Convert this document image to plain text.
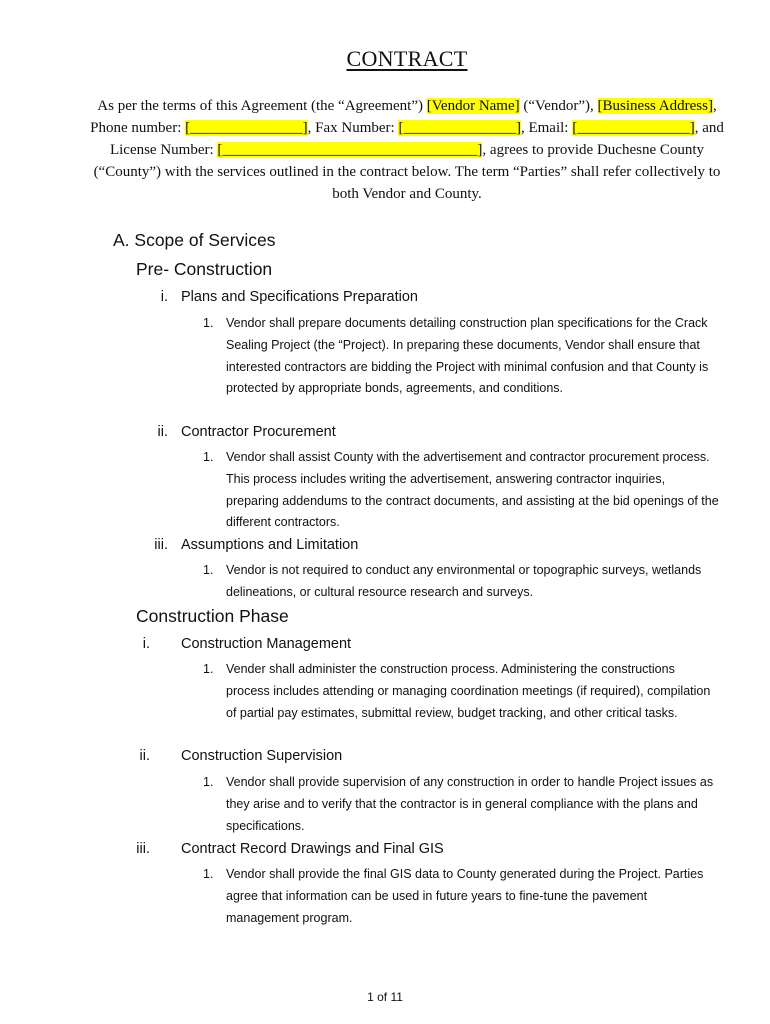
CONTRACT
As per the terms of this Agreement (the “Agreement”) [Vendor Name] (“Vendor”), [Business Address], Phone number: [_______________], Fax Number: [_______________], Email: [_______________], and License Number: [__________________________________], agrees to provide Duchesne County (“County”) with the services outlined in the contract below. The term “Parties” shall refer collectively to both Vendor and County.
A. Scope of Services
Pre- Construction
i. Plans and Specifications Preparation
1. Vendor shall prepare documents detailing construction plan specifications for the Crack Sealing Project (the “Project). In preparing these documents, Vendor shall ensure that interested contractors are bidding the Project with minimal confusion and that County is protected by appropriate bonds, agreements, and conditions.
ii. Contractor Procurement
1. Vendor shall assist County with the advertisement and contractor procurement process. This process includes writing the advertisement, answering contractor inquiries, preparing addendums to the contract documents, and assisting at the bid openings of the different contractors.
iii. Assumptions and Limitation
1. Vendor is not required to conduct any environmental or topographic surveys, wetlands delineations, or cultural resource research and surveys.
Construction Phase
i. Construction Management
1. Vender shall administer the construction process. Administering the constructions process includes attending or managing coordination meetings (if required), compilation of partial pay estimates, submittal review, budget tracking, and other critical tasks.
ii. Construction Supervision
1. Vendor shall provide supervision of any construction in order to handle Project issues as they arise and to verify that the contractor is in general compliance with the plans and specifications.
iii. Contract Record Drawings and Final GIS
1. Vendor shall provide the final GIS data to County generated during the Project. Parties agree that information can be used in future years to fine-tune the pavement management program.
1 of 11
